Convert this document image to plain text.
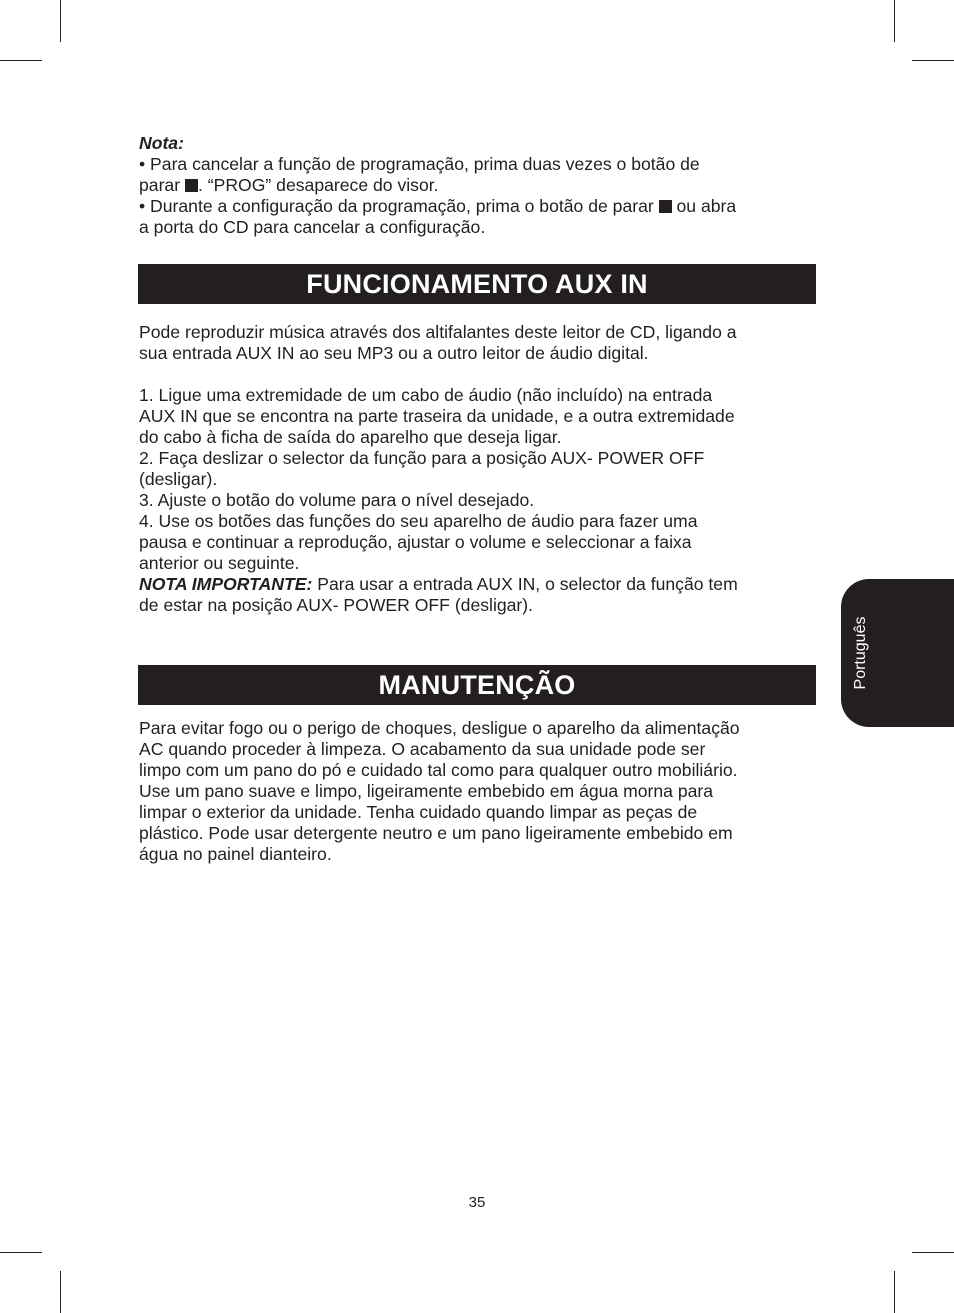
Nota:
• Para cancelar a função de programação, prima duas vezes o botão de
parar . “PROG” desaparece do visor.
• Durante a configuração da programação, prima o botão de parar ou abra
a porta do CD para cancelar a configuração.
FUNCIONAMENTO AUX IN
Pode reproduzir música através dos altifalantes deste leitor de CD, ligando a
sua entrada AUX IN ao seu MP3 ou a outro leitor de áudio digital.

1. Ligue uma extremidade de um cabo de áudio (não incluído) na entrada
AUX IN que se encontra na parte traseira da unidade, e a outra extremidade
do cabo à ficha de saída do aparelho que deseja ligar.
2. Faça deslizar o selector da função para a posição AUX- POWER OFF
(desligar).
3. Ajuste o botão do volume para o nível desejado.
4. Use os botões das funções do seu aparelho de áudio para fazer uma
pausa e continuar a reprodução, ajustar o volume e seleccionar a faixa
anterior ou seguinte.
NOTA IMPORTANTE: Para usar a entrada AUX IN, o selector da função tem
de estar na posição AUX- POWER OFF (desligar).
MANUTENÇÃO
Para evitar fogo ou o perigo de choques, desligue o aparelho da alimentação
AC quando proceder à limpeza. O acabamento da sua unidade pode ser
limpo com um pano do pó e cuidado tal como para qualquer outro mobiliário.
Use um pano suave e limpo, ligeiramente embebido em água morna para
limpar o exterior da unidade. Tenha cuidado quando limpar as peças de
plástico. Pode usar detergente neutro e um pano ligeiramente embebido em
água no painel dianteiro.
Português
35
